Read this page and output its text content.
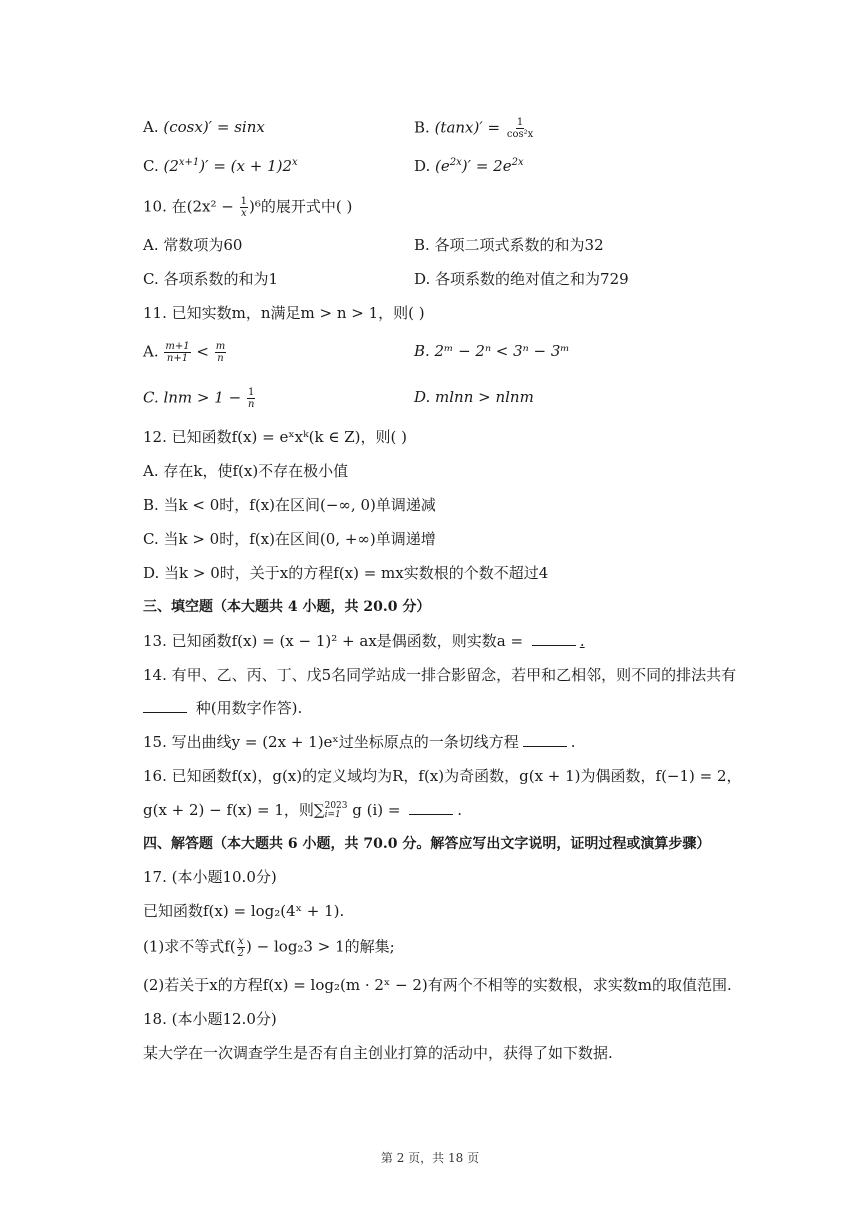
A. (cosx)′ = sinx	B. $(\tan x)' = \frac{1}{\text{cos²x}}$
C. $(2^{x+1})' = (x + 1)2^x$	D. $(e^{2x})' = 2e^{2x}$
10. 在$(2x^2 - \frac{1}{x} )^6$的展开式中( )
A. 常数项为60	B. 各项二项式系数的和为32
C. 各项系数的和为1	D. 各项系数的绝对值之和为729
11. 已知实数m，n满足m > n > 1，则( )
A. $\frac{m+1}{n+1} < \frac{m}{n}$	B. 2ᵐ − 2ⁿ < 3ⁿ − 3ᵐ
C. $\ln m > 1 - \frac{1}{n}$	D. mlnn > nlnm
12. 已知函数f(x) = eˣxᵏ(k ∈ Z)，则( )
A. 存在k，使f(x)不存在极小值
B. 当k < 0时，f(x)在区间(−∞, 0)单调递减
C. 当k > 0时，f(x)在区间(0, +∞)单调递增
D. 当k > 0时，关于x的方程f(x) = mx实数根的个数不超过4
三、填空题（本大题共 4 小题，共 20.0 分）
13. 已知函数f(x) = (x − 1)² + ax是偶函数，则实数a =	.
14. 有甲、乙、丙、丁、戊5名同学站成一排合影留念，若甲和乙相邻，则不同的排法共有
种(用数字作答).
15. 写出曲线y = (2x + 1)eˣ过坐标原点的一条切线方程	.
16. 已知函数f(x)，g(x)的定义域均为R，f(x)为奇函数，g(x + 1)为偶函数，f(−1) = 2，
g(x + 2) − f(x) = 1，则∑ 2023
i=1 g (i) =	.
四、解答题（本大题共 6 小题，共 70.0 分。解答应写出文字说明，证明过程或演算步骤）
17. (本小题10.0分)
已知函数f(x) = log₂(4ˣ + 1).
(1)求不等式$f( \frac{x}{2}$ ) − log₂3 > 1的解集;
(2)若关于x的方程f(x) = log₂(m · 2ˣ − 2)有两个不相等的实数根，求实数m的取值范围.
18. (本小题12.0分)
某大学在一次调查学生是否有自主创业打算的活动中，获得了如下数据.
第 2 页，共 18 页
